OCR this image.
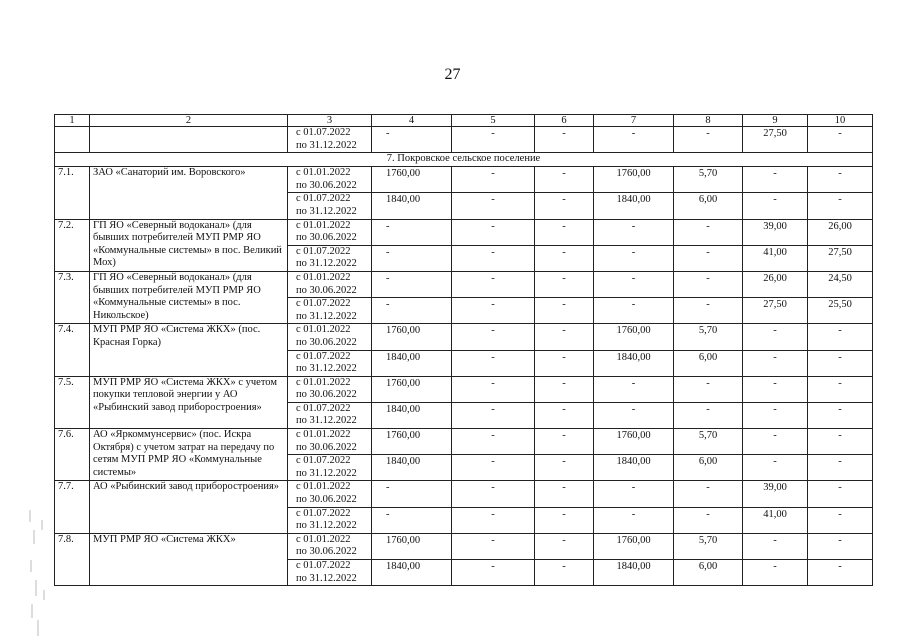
27
1	2	3	4	5	6	7	8	9	10

		с 01.07.2022
по 31.12.2022	-	-	-	-	-	27,50	-
7. Покровское сельское поселение									
7.1.	ЗАО «Санаторий им. Воровского»	с 01.01.2022
по 30.06.2022	1760,00	-	-	1760,00	5,70	-	-

		с 01.07.2022
по 31.12.2022	1840,00	-	-	1840,00	6,00	-	-
7.2.	ГП ЯО «Северный водоканал» (для бывших потребителей МУП РМР ЯО «Коммунальные системы» в пос. Великий Мох)	с 01.01.2022
по 30.06.2022	-	-	-	-	-	39,00	26,00

		с 01.07.2022
по 31.12.2022	-	-	-	-	-	41,00	27,50
7.3.	ГП ЯО «Северный водоканал» (для бывших потребителей МУП РМР ЯО «Коммунальные системы» в пос. Никольское)	с 01.01.2022
по 30.06.2022	-	-	-	-	-	26,00	24,50

		с 01.07.2022
по 31.12.2022	-	-	-	-	-	27,50	25,50
7.4.	МУП РМР ЯО «Система ЖКХ» (пос. Красная Горка)	с 01.01.2022
по 30.06.2022	1760,00	-	-	1760,00	5,70	-	-

		с 01.07.2022
по 31.12.2022	1840,00	-	-	1840,00	6,00	-	-
7.5.	МУП РМР ЯО «Система ЖКХ» с учетом покупки тепловой энергии у АО «Рыбинский завод приборостроения»	с 01.01.2022
по 30.06.2022	1760,00	-	-	-	-	-	-

		с 01.07.2022
по 31.12.2022	1840,00	-	-	-	-	-	-
7.6.	АО «Яркоммунсервис» (пос. Искра Октября) с учетом затрат на передачу по сетям МУП РМР ЯО «Коммунальные системы»	с 01.01.2022
по 30.06.2022	1760,00	-	-	1760,00	5,70	-	-

		с 01.07.2022
по 31.12.2022	1840,00	-	-	1840,00	6,00	-	-
7.7.	АО «Рыбинский завод приборостроения»	с 01.01.2022
по 30.06.2022	-	-	-	-	-	39,00	-

		с 01.07.2022
по 31.12.2022	-	-	-	-	-	41,00	-
7.8.	МУП РМР ЯО «Система ЖКХ»	с 01.01.2022
по 30.06.2022	1760,00	-	-	1760,00	5,70	-	-

		с 01.07.2022
по 31.12.2022	1840,00	-	-	1840,00	6,00	-	-
